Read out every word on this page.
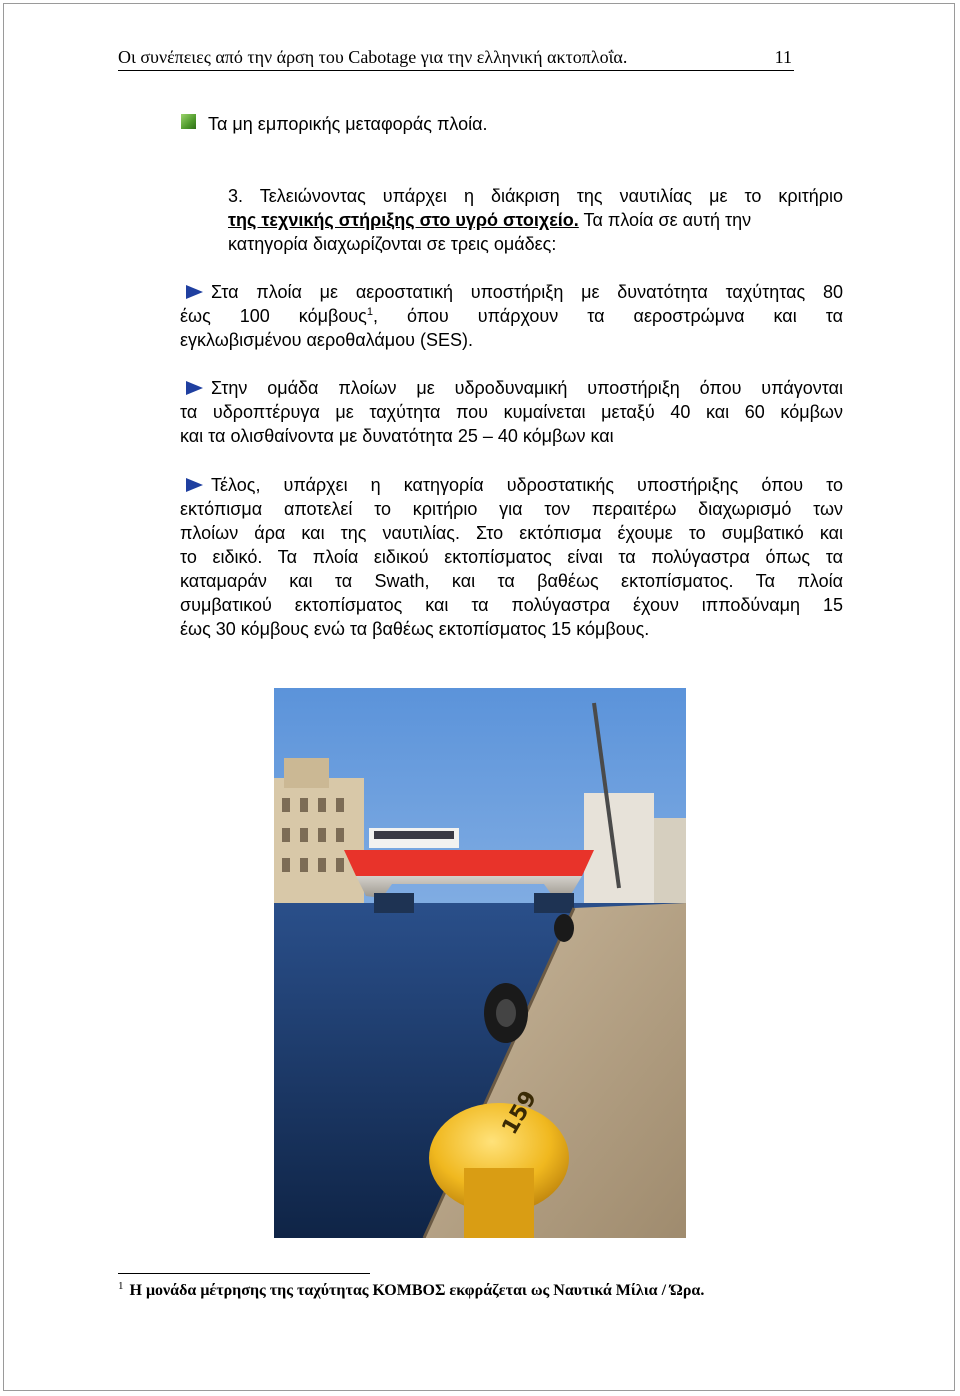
Οι συνέπειες από την άρση του Cabotage για την ελληνική ακτοπλοΐα.	11
Τα μη εμπορικής μεταφοράς πλοία.
3. Τελειώνοντας υπάρχει η διάκριση της ναυτιλίας με το κριτήριο
της τεχνικής στήριξης στο υγρό στοιχείο. Τα πλοία σε αυτή την
κατηγορία διαχωρίζονται σε τρεις ομάδες:
Στα πλοία με αεροστατική υποστήριξη με δυνατότητα ταχύτητας 80
έως 100 κόμβους$^1$, όπου υπάρχουν τα αεροστρώμνα και τα
εγκλωβισμένου αεροθαλάμου (SES).
Στην ομάδα πλοίων με υδροδυναμική υποστήριξη όπου υπάγονται
τα υδροπτέρυγα με ταχύτητα που κυμαίνεται μεταξύ 40 και 60 κόμβων
και τα ολισθαίνοντα με δυνατότητα 25 – 40 κόμβων και
Τέλος, υπάρχει η κατηγορία υδροστατικής υποστήριξης όπου το
εκτόπισμα αποτελεί το κριτήριο για τον περαιτέρω διαχωρισμό των
πλοίων άρα και της ναυτιλίας. Στο εκτόπισμα έχουμε το συμβατικό και
το ειδικό. Τα πλοία ειδικού εκτοπίσματος είναι τα πολύγαστρα όπως τα
καταμαράν και τα Swath, και τα βαθέως εκτοπίσματος. Τα πλοία
συμβατικού εκτοπίσματος και τα πολύγαστρα έχουν ιπποδύναμη 15
έως 30 κόμβους ενώ τα βαθέως εκτοπίσματος 15 κόμβους.
159
$^1$ Η μονάδα μέτρησης της ταχύτητας ΚΟΜΒΟΣ εκφράζεται ως Ναυτικά Μίλια / Ώρα.
